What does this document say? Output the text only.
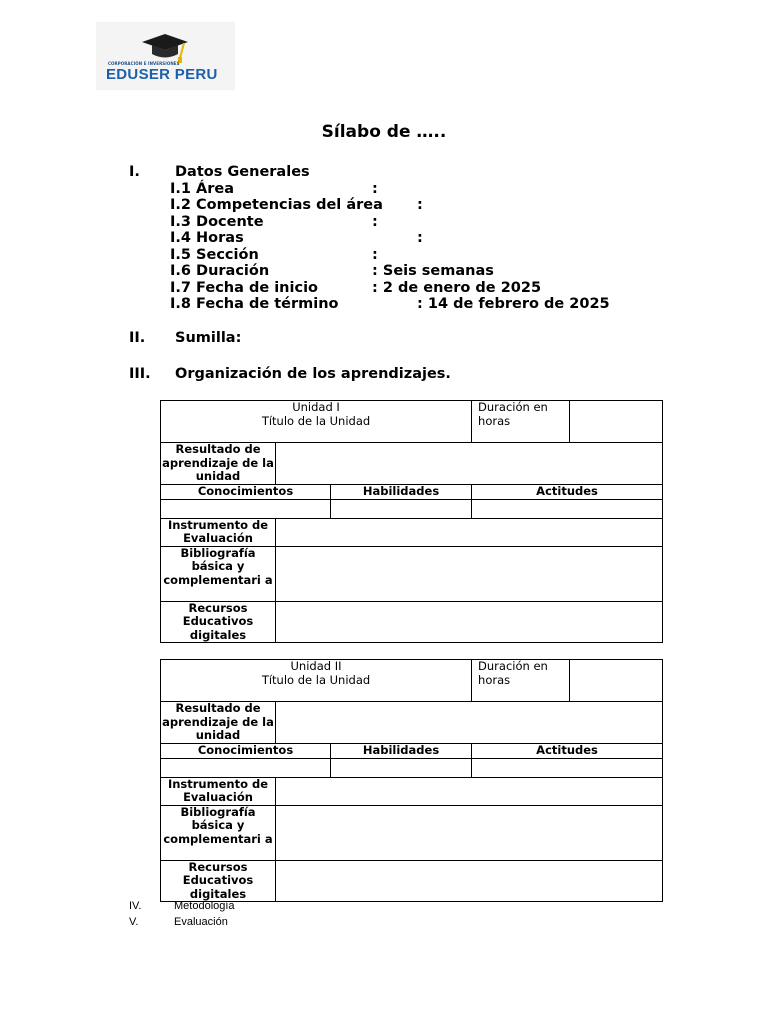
CORPORACIÓN E INVERSIONES
EDUSER PERU
Sílabo de …..
I. Datos Generales
I.1 Área	:
I.2 Competencias del área :
I.3 Docente	:
I.4 Horas	:
I.5 Sección	:
I.6 Duración	: Seis semanas
I.7 Fecha de inicio	: 2 de enero de 2025
I.8 Fecha de término	: 14 de febrero de 2025
II. Sumilla:
III. Organización de los aprendizajes.
Unidad I
Título de la Unidad			Duración en horas	
Resultado de aprendizaje de la unidad				
Conocimientos		Habilidades	Actitudes	

Instrumento de Evaluación				
Bibliografía básica y complementari a				
Recursos Educativos digitales				
Unidad II
Título de la Unidad			Duración en horas	
Resultado de aprendizaje de la unidad				
Conocimientos		Habilidades	Actitudes	

Instrumento de Evaluación				
Bibliografía básica y complementari a				
Recursos Educativos digitales				
IV.	Metodología
V.	Evaluación
